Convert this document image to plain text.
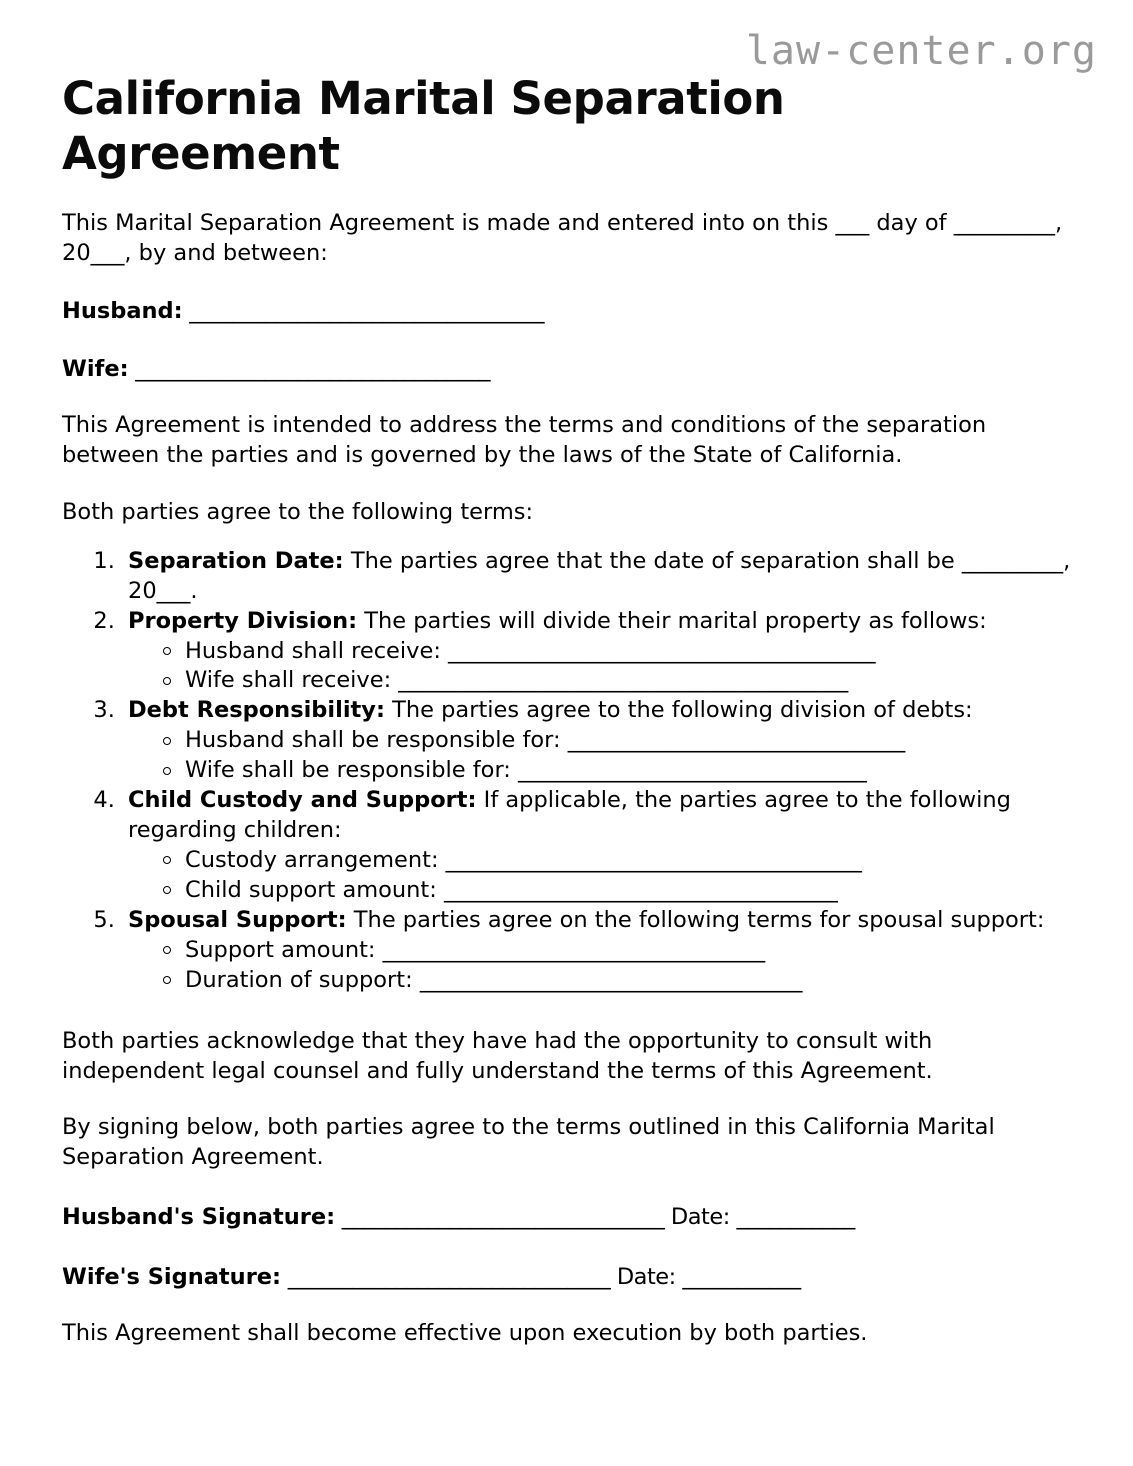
law-center.org
California Marital Separation Agreement

This Marital Separation Agreement is made and entered into on this ___ day of _________, 20___, by and between:

Husband: _________________________________

Wife: _________________________________

This Agreement is intended to address the terms and conditions of the separation between the parties and is governed by the laws of the State of California.

Both parties agree to the following terms:

1. Separation Date: The parties agree that the date of separation shall be _________, 20___.
2. Property Division: The parties will divide their marital property as follows:
Husband shall receive: ______________________________________
Wife shall receive: ________________________________________
3. Debt Responsibility: The parties agree to the following division of debts:
Husband shall be responsible for: ______________________________
Wife shall be responsible for: _______________________________
4. Child Custody and Support: If applicable, the parties agree to the following regarding children:
Custody arrangement: _____________________________________
Child support amount: ___________________________________
5. Spousal Support: The parties agree on the following terms for spousal support:
Support amount: __________________________________
Duration of support: __________________________________

Both parties acknowledge that they have had the opportunity to consult with independent legal counsel and fully understand the terms of this Agreement.

By signing below, both parties agree to the terms outlined in this California Marital Separation Agreement.

Husband's Signature: ______________________________ Date: ___________

Wife's Signature: ______________________________ Date: ___________

This Agreement shall become effective upon execution by both parties.
